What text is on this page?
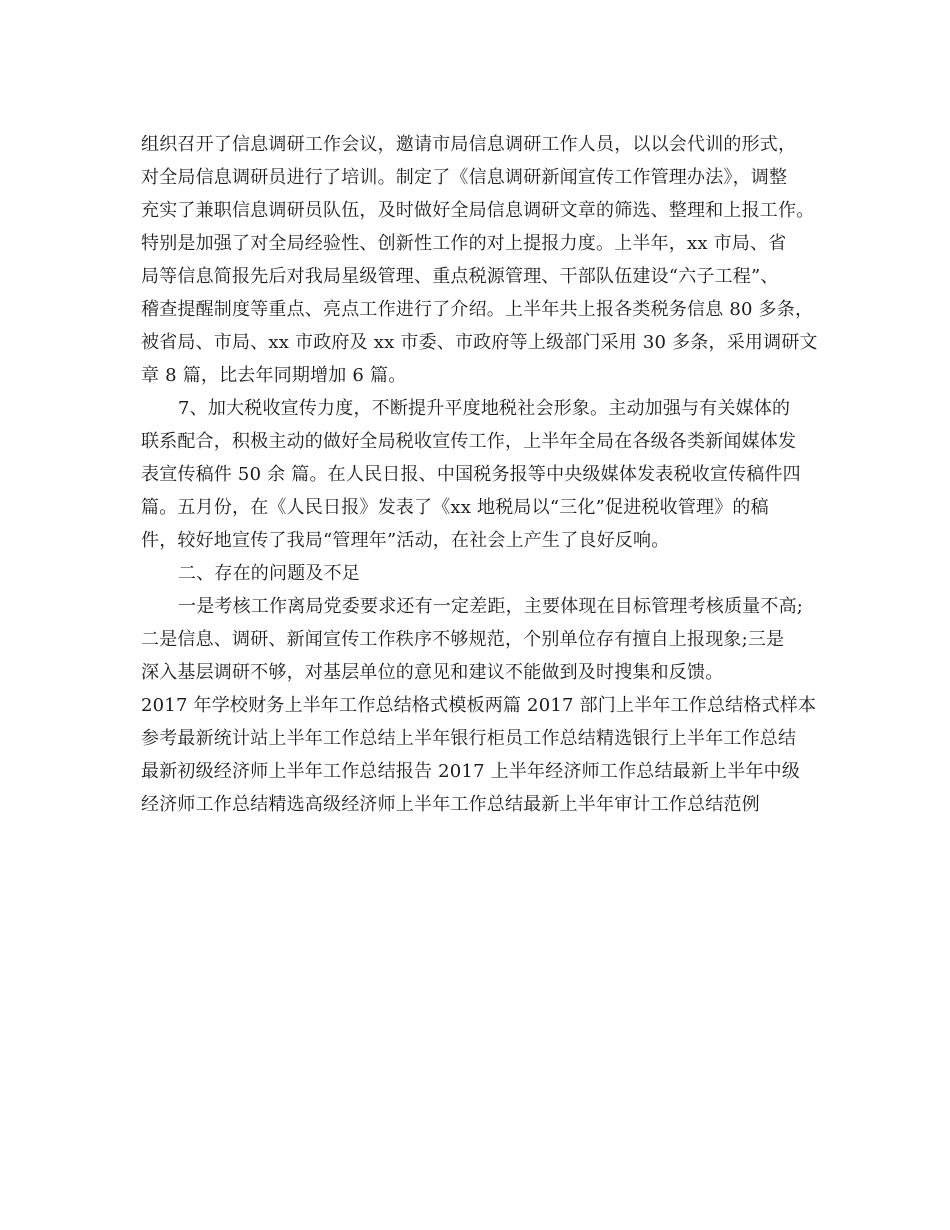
组织召开了信息调研工作会议，邀请市局信息调研工作人员，以以会代训的形式，
对全局信息调研员进行了培训。制定了《信息调研新闻宣传工作管理办法》，调整
充实了兼职信息调研员队伍，及时做好全局信息调研文章的筛选、整理和上报工作。
特别是加强了对全局经验性、创新性工作的对上提报力度。上半年，xx 市局、省
局等信息简报先后对我局星级管理、重点税源管理、干部队伍建设“六子工程”、
稽查提醒制度等重点、亮点工作进行了介绍。上半年共上报各类税务信息 80 多条，
被省局、市局、xx 市政府及 xx 市委、市政府等上级部门采用 30 多条，采用调研文
章 8 篇，比去年同期增加 6 篇。
7、加大税收宣传力度，不断提升平度地税社会形象。主动加强与有关媒体的
联系配合，积极主动的做好全局税收宣传工作，上半年全局在各级各类新闻媒体发
表宣传稿件 50 余 篇。在人民日报、中国税务报等中央级媒体发表税收宣传稿件四
篇。五月份，在《人民日报》发表了《xx 地税局以“三化”促进税收管理》的稿
件，较好地宣传了我局“管理年”活动，在社会上产生了良好反响。
二、存在的问题及不足
一是考核工作离局党委要求还有一定差距，主要体现在目标管理考核质量不高;
二是信息、调研、新闻宣传工作秩序不够规范，个别单位存有擅自上报现象;三是
深入基层调研不够，对基层单位的意见和建议不能做到及时搜集和反馈。
2017 年学校财务上半年工作总结格式模板两篇 2017 部门上半年工作总结格式样本
参考最新统计站上半年工作总结上半年银行柜员工作总结精选银行上半年工作总结
最新初级经济师上半年工作总结报告 2017 上半年经济师工作总结最新上半年中级
经济师工作总结精选高级经济师上半年工作总结最新上半年审计工作总结范例
